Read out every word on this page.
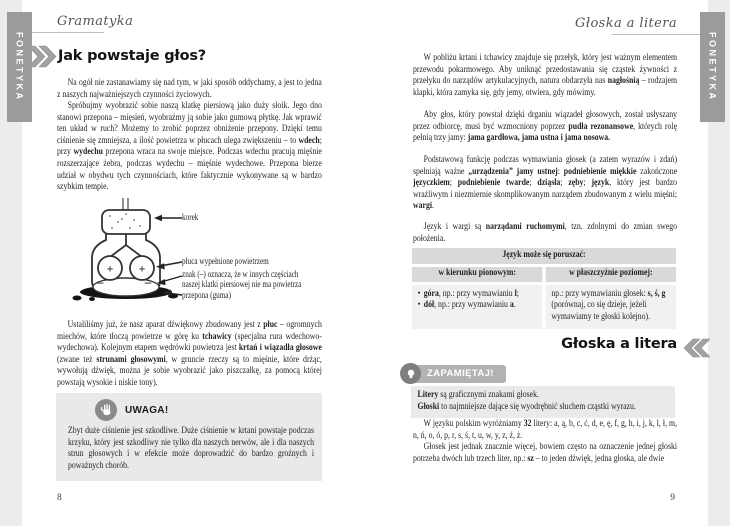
Gramatyka
Jak powstaje głos?
Na ogół nie zastanawiamy się nad tym, w jaki sposób oddychamy, a jest to jedna z naszych najważniejszych czynności życiowych.
Spróbujmy wyobrazić sobie naszą klatkę piersiową jako duży słoik. Jego dno stanowi przepona – mięsień, wyobraźmy ją sobie jako gumową płytkę. Jak wprawić ten układ w ruch? Możemy to zrobić poprzez obniżenie przepony. Dzięki temu ciśnienie się zmniejsza, a ilość powietrza w płucach ulega zwiększeniu – to wdech; przy wydechu przepona wraca na swoje miejsce. Podczas wdechu pracują mięśnie rozszerzające żebra, podczas wydechu – mięśnie wydechowe. Przepona bierze udział w obydwu tych czynnościach, które faktycznie wykonywane są w bardzo szybkim tempie.
+ +
–	–
korek
płuca wypełnione powietrzem
znak (–) oznacza, że w innych częściach
naszej klatki piersiowej nie ma powietrza
przepona (guma)
Ustaliliśmy już, że nasz aparat dźwiękowy zbudowany jest z płuc – ogromnych miechów, które tłoczą powietrze w górę ku tchawicy (specjalna rura wdechowo-wydechowa). Kolejnym etapem wędrówki powietrza jest krtań i wiązadła głosowe (zwane też strunami głosowymi, w gruncie rzeczy są to mięśnie, które drżąc, wywołują dźwięk, można je sobie wyobrazić jako piszczałkę, za pomocą której powstają wysokie i niskie tony).
UWAGA!
Zbyt duże ciśnienie jest szkodliwe. Duże ciśnienie w krtani powstaje podczas krzyku, który jest szkodliwy nie tylko dla naszych nerwów, ale i dla naszych strun głosowych i w efekcie może doprowadzić do bardzo groźnych i poważnych chorób.
8
Głoska a litera
W pobliżu krtani i tchawicy znajduje się przełyk, który jest ważnym elementem przewodu pokarmowego. Aby uniknąć przedostawania się cząstek żywności z przełyku do narządów artykulacyjnych, natura obdarzyła nas nagłośnią – rodzajem klapki, która zamyka się, gdy jemy, otwiera, gdy mówimy.
Aby głos, który powstał dzięki drganiu wiązadeł głosowych, został usłyszany przez odbiorcę, musi być wzmocniony poprzez pudła rezonansowe, których rolę pełnią trzy jamy: jama gardłowa, jama ustna i jama nosowa.
Podstawową funkcję podczas wymawiania głosek (a zatem wyrazów i zdań) spełniają ważne „urządzenia” jamy ustnej: podniebienie miękkie zakończone języczkiem; podniebienie twarde; dziąsła; zęby; język, który jest bardzo wrażliwym i niezmiernie skomplikowanym narządem zbudowanym z wielu mięśni; wargi.
Język i wargi są narządami ruchomymi, tzn. zdolnymi do zmian swego położenia.
Język może się poruszać:
w kierunku pionowym:	w płaszczyźnie poziomej:
• góra, np.: przy wymawianiu l;
• dół, np.: przy wymawianiu a.
np.: przy wymawianiu głosek: s, ś, g (porównaj, co się dzieje, jeżeli wymawiamy te głoski kolejno).
Głoska a litera
ZAPAMIĘTAJ!
Litery są graficznymi znakami głosek.
Głoski to najmniejsze dające się wyodrębnić słuchem cząstki wyrazu.
W języku polskim wyróżniamy 32 litery: a, ą, b, c, ć, d, e, ę, f, g, h, i, j, k, l, ł, m, n, ń, o, ó, p, r, s, ś, t, u, w, y, z, ź, ż.
Głosek jest jednak znacznie więcej, bowiem często na oznaczenie jednej głoski potrzeba dwóch lub trzech liter, np.: sz – to jeden dźwięk, jedna głoska, ale dwie
9
FONETYKA	FONETYKA
